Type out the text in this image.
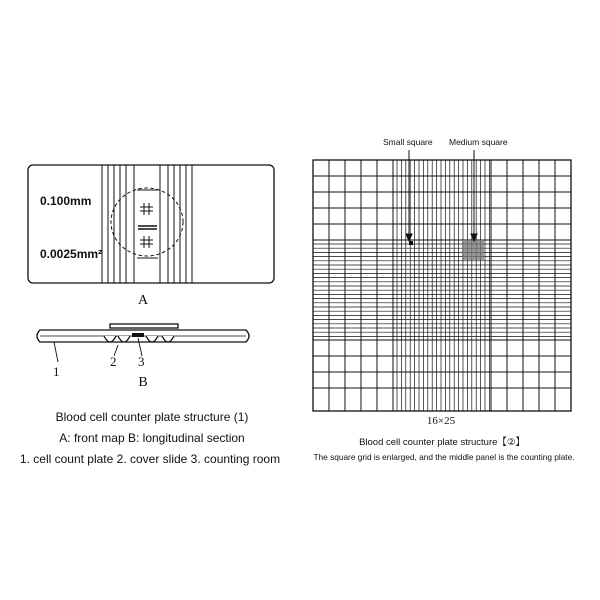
0.100mm

0.0025mm²

A

1

2 3

B

Blood cell counter plate structure (1)

A: front map B: longitudinal section

1. cell count plate 2. cover slide 3. counting room

Small square Medium square

16×25

Blood cell counter plate structure【②】

The square grid is enlarged, and the middle panel is the counting plate.
